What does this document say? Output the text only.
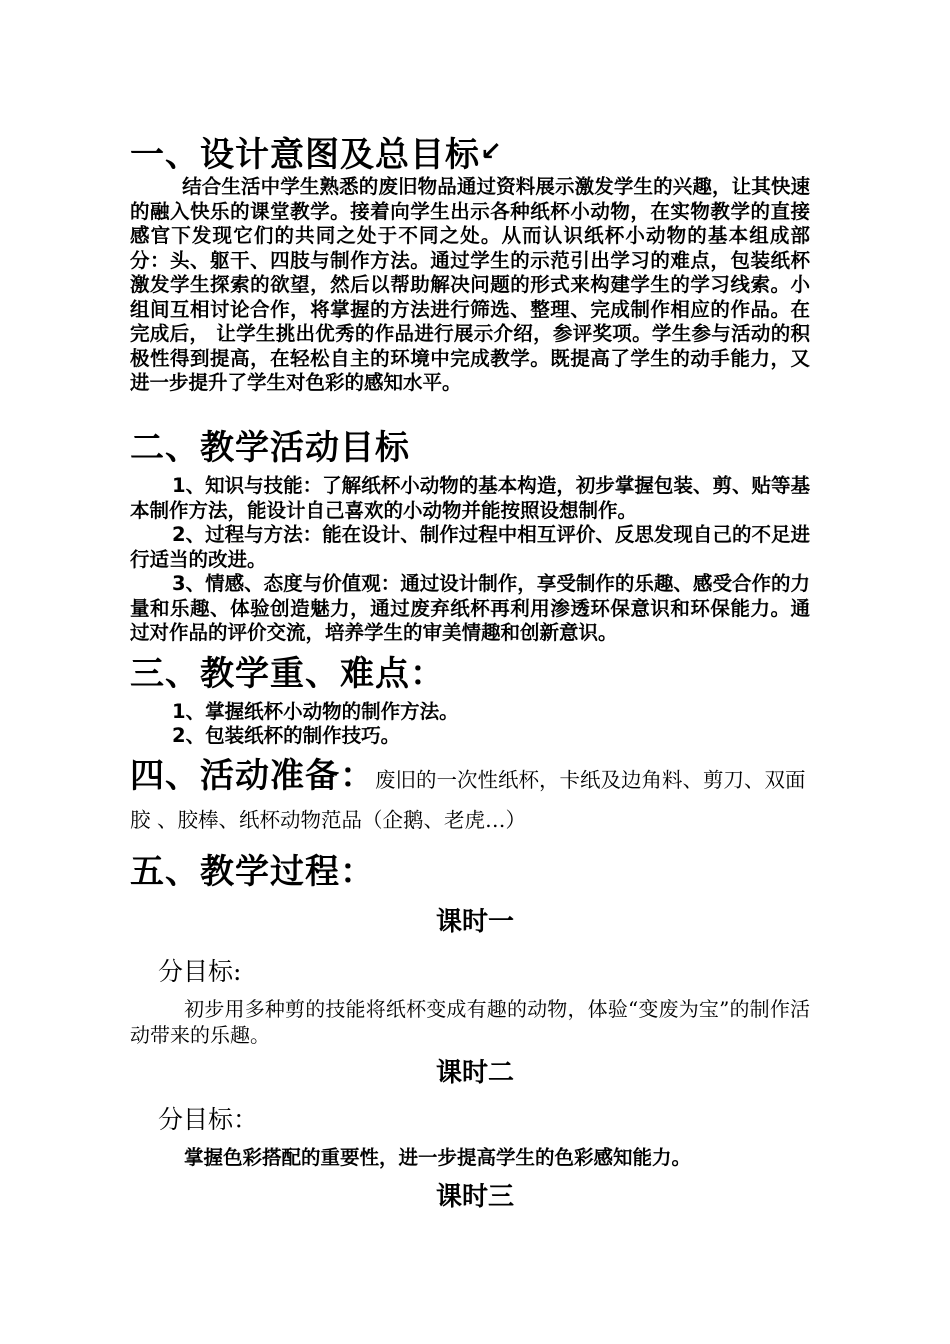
一、设计意图及总目标↙
结合生活中学生熟悉的废旧物品通过资料展示激发学生的兴趣，让其快速的融入快乐的课堂教学。接着向学生出示各种纸杯小动物，在实物教学的直接感官下发现它们的共同之处于不同之处。从而认识纸杯小动物的基本组成部分：头、躯干、四肢与制作方法。通过学生的示范引出学习的难点，包装纸杯激发学生探索的欲望，然后以帮助解决问题的形式来构建学生的学习线索。小组间互相讨论合作，将掌握的方法进行筛选、整理、完成制作相应的作品。在完成后， 让学生挑出优秀的作品进行展示介绍，参评奖项。学生参与活动的积极性得到提高，在轻松自主的环境中完成教学。既提高了学生的动手能力，又进一步提升了学生对色彩的感知水平。
二、教学活动目标
1、知识与技能：了解纸杯小动物的基本构造，初步掌握包装、剪、贴等基本制作方法，能设计自己喜欢的小动物并能按照设想制作。
2、过程与方法：能在设计、制作过程中相互评价、反思发现自己的不足进行适当的改进。
3、情感、态度与价值观：通过设计制作，享受制作的乐趣、感受合作的力量和乐趣、体验创造魅力，通过废弃纸杯再利用渗透环保意识和环保能力。通过对作品的评价交流，培养学生的审美情趣和创新意识。
三、教学重、难点：
1、掌握纸杯小动物的制作方法。
2、包装纸杯的制作技巧。
四、活动准备：废旧的一次性纸杯，卡纸及边角料、剪刀、双面
胶 、胶棒、纸杯动物范品（企鹅、老虎…）
五、教学过程：
课时一
分目标:
初步用多种剪的技能将纸杯变成有趣的动物，体验“变废为宝”的制作活动带来的乐趣。
课时二
分目标：
掌握色彩搭配的重要性，进一步提高学生的色彩感知能力。
课时三
